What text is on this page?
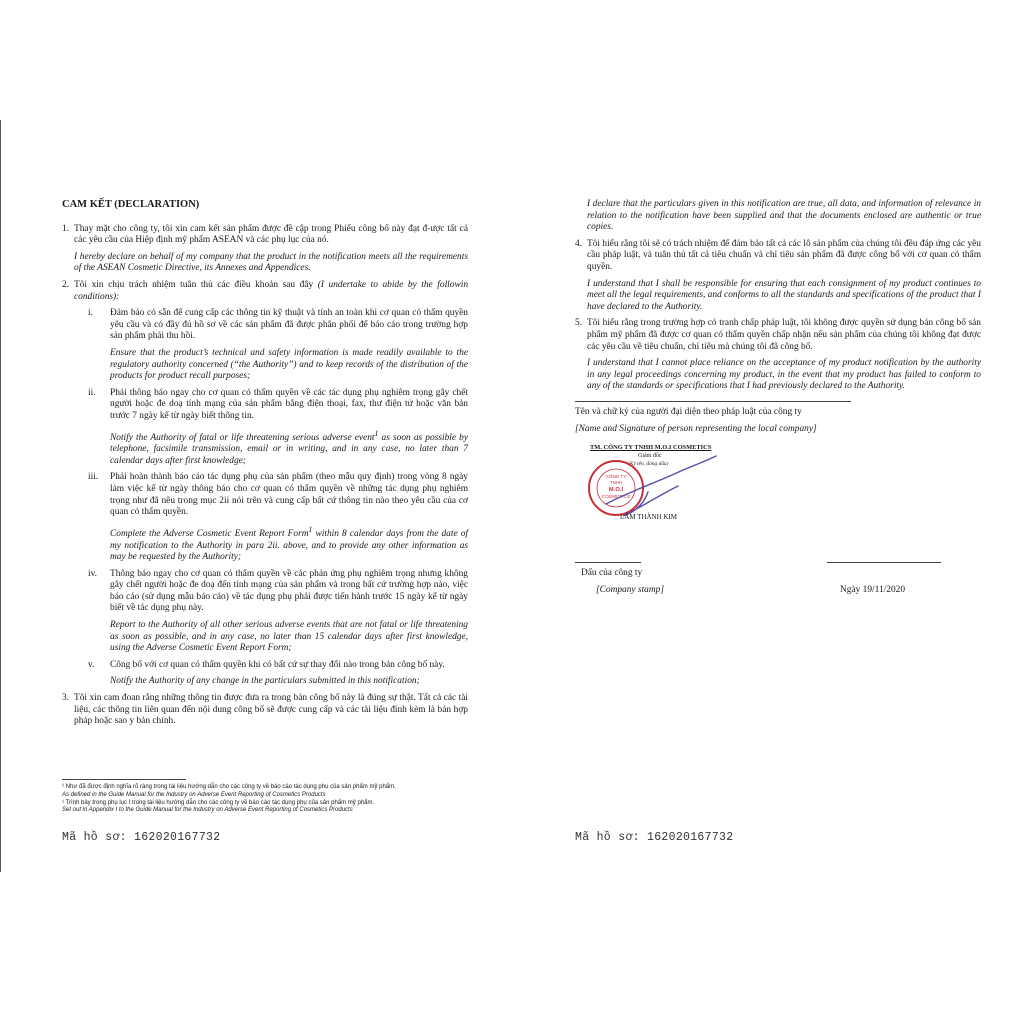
CAM KẾT (DECLARATION)
1. Thay mặt cho công ty, tôi xin cam kết sản phẩm được đề cập trong Phiếu công bố này đạt đ-ược tất cả các yêu cầu của Hiệp định mỹ phẩm ASEAN và các phụ lục của nó.

I hereby declare on behalf of my company that the product in the notification meets all the requirements of the ASEAN Cosmetic Directive, its Annexes and Appendices.

2. Tôi xin chịu trách nhiệm tuân thủ các điều khoản sau đây (I undertake to abide by the followin conditions):

i. Đảm bảo có sẵn để cung cấp các thông tin kỹ thuật và tính an toàn khi cơ quan có thẩm quyền yêu cầu và có đầy đủ hồ sơ về các sản phẩm đã được phân phối để báo cáo trong trường hợp sản phẩm phải thu hồi.

Ensure that the product’s technical and safety information is made readily available to the regulatory authority concerned (“the Authority”) and to keep records of the distribution of the products for product recall purposes;

ii. Phải thông báo ngay cho cơ quan có thẩm quyền về các tác dụng phụ nghiêm trọng gây chết người hoặc đe doạ tính mạng của sản phẩm bằng điện thoại, fax, thư điện tử hoặc văn bản trước 7 ngày kể từ ngày biết thông tin.

Notify the Authority of fatal or life threatening serious adverse event$^1$ as soon as possible by telephone, facsimile transmission, email or in writing, and in any case, no later than 7 calendar days after first knowledge;

iii. Phải hoàn thành báo cáo tác dụng phụ của sản phẩm (theo mẫu quy định) trong vòng 8 ngày làm việc kể từ ngày thông báo cho cơ quan có thẩm quyền về những tác dụng phụ nghiêm trọng như đã nêu trong mục 2ii nói trên và cung cấp bất cứ thông tin nào theo yêu cầu của cơ quan có thẩm quyền.

Complete the Adverse Cosmetic Event Report Form$^1$ within 8 calendar days from the date of my notification to the Authority in para 2ii. above, and to provide any other information as may be requested by the Authority;

iv. Thông báo ngay cho cơ quan có thẩm quyền về các phản ứng phụ nghiêm trọng nhưng không gây chết người hoặc đe doạ đến tính mạng của sản phẩm và trong bất cứ trường hợp nào, việc báo cáo (sử dụng mẫu báo cáo) về tác dụng phụ phải được tiến hành trước 15 ngày kể từ ngày biết về tác dụng phụ này.

Report to the Authority of all other serious adverse events that are not fatal or life threatening as soon as possible, and in any case, no later than 15 calendar days after first knowledge, using the Adverse Cosmetic Event Report Form;

v. Công bố với cơ quan có thẩm quyền khi có bất cứ sự thay đổi nào trong bản công bố này.

Notify the Authority of any change in the particulars submitted in this notification;

3. Tôi xin cam đoan rằng những thông tin được đưa ra trong bản công bố này là đúng sự thật. Tất cả các tài liệu, các thông tin liên quan đến nội dung công bố sẽ được cung cấp và các tài liệu đính kèm là bản hợp pháp hoặc sao y bản chính.

¹ Như đã được định nghĩa rõ ràng trong tài liệu hướng dẫn cho các công ty về báo cáo tác dụng phụ của sản phẩm mỹ phẩm.
As defined in the Guide Manual for the Industry on Adverse Event Reporting of Cosmetics Products
¹ Trình bày trong phụ lục I trong tài liệu hướng dẫn cho các công ty về báo cáo tác dụng phụ của sản phẩm mỹ phẩm.
Set out in Appendix I to the Guide Manual for the Industry on Adverse Event Reporting of Cosmetics Products
Mã hồ sơ: 162020167732

I declare that the particulars given in this notification are true, all data, and information of relevance in relation to the notification have been supplied and that the documents enclosed are authentic or true copies.

4. Tôi hiểu rằng tôi sẽ có trách nhiệm để đảm bảo tất cả các lô sản phẩm của chúng tôi đều đáp ứng các yêu cầu pháp luật, và tuân thủ tất cả tiêu chuẩn và chỉ tiêu sản phẩm đã được công bố với cơ quan có thẩm quyền.

I understand that I shall be responsible for ensuring that each consignment of my product continues to meet all the legal requirements, and conforms to all the standards and specifications of the product that I have declared to the Authority.

5. Tôi hiểu rằng trong trường hợp có tranh chấp pháp luật, tôi không được quyền sử dụng bản công bố sản phẩm mỹ phẩm đã được cơ quan có thẩm quyền chấp nhận nếu sản phẩm của chúng tôi không đạt được các yêu cầu về tiêu chuẩn, chỉ tiêu mà chúng tôi đã công bố.

I understand that I cannot place reliance on the acceptance of my product notification by the authority in any legal proceedings concerning my product, in the event that my product has failed to conform to any of the standards or specifications that I had previously declared to the Authority.

Tên và chữ ký của người đại diện theo pháp luật của công ty
[Name and Signature of person representing the local company]
TM. CÔNG TY TNHH M.O.I COSMETICS
Giám đốc
(Ký tên, đóng dấu)
CÔNG TY
TNHH
M.O.I
COSMETICS
LÂM THÀNH KIM
Dấu của công ty
[Company stamp]	Ngày 19/11/2020
Mã hồ sơ: 162020167732
